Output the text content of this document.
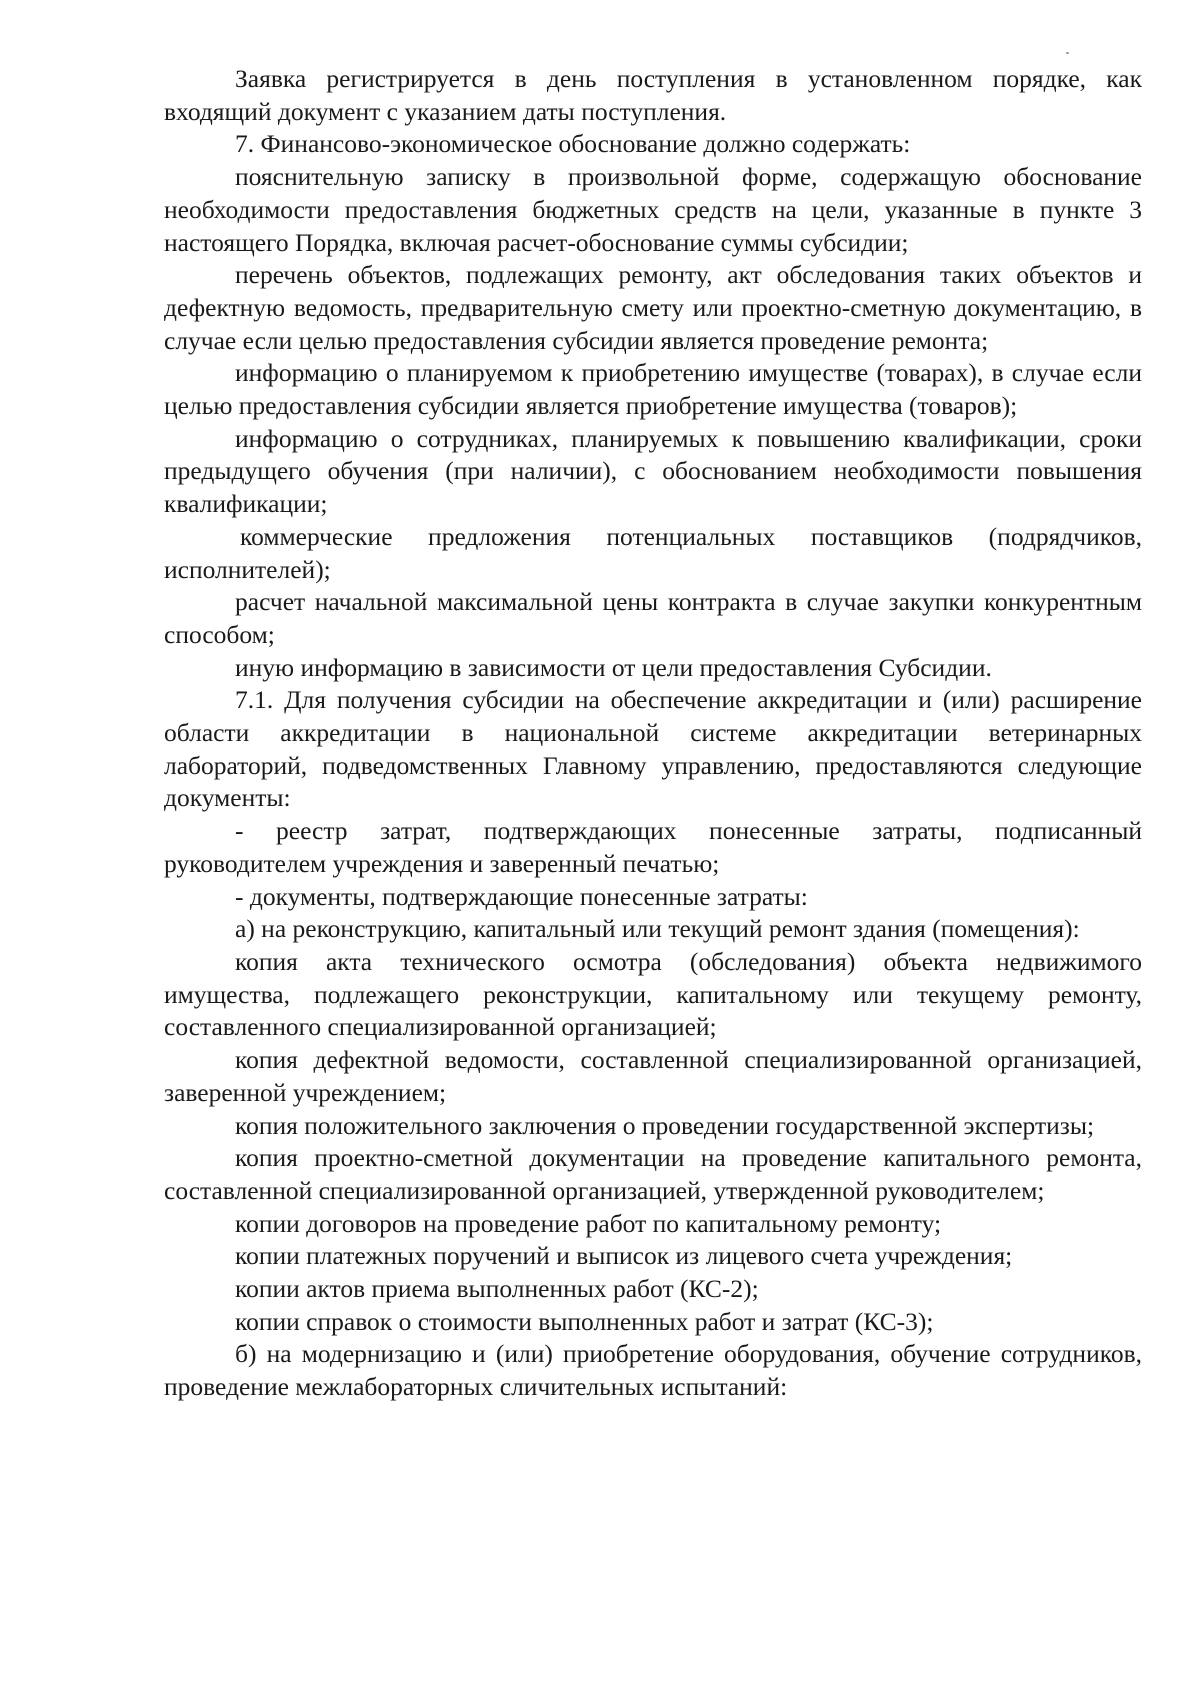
Заявка регистрируется в день поступления в установленном порядке, как входящий документ с указанием даты поступления.

7. Финансово-экономическое обоснование должно содержать:

пояснительную записку в произвольной форме, содержащую обоснование необходимости предоставления бюджетных средств на цели, указанные в пункте 3 настоящего Порядка, включая расчет-обоснование суммы субсидии;

перечень объектов, подлежащих ремонту, акт обследования таких объектов и дефектную ведомость, предварительную смету или проектно-сметную документацию, в случае если целью предоставления субсидии является проведение ремонта;

информацию о планируемом к приобретению имуществе (товарах), в случае если целью предоставления субсидии является приобретение имущества (товаров);

информацию о сотрудниках, планируемых к повышению квалификации, сроки предыдущего обучения (при наличии), с обоснованием необходимости повышения квалификации;

коммерческие предложения потенциальных поставщиков (подрядчиков, исполнителей);

расчет начальной максимальной цены контракта в случае закупки конкурентным способом;

иную информацию в зависимости от цели предоставления Субсидии.

7.1. Для получения субсидии на обеспечение аккредитации и (или) расширение области аккредитации в национальной системе аккредитации ветеринарных лабораторий, подведомственных Главному управлению, предоставляются следующие документы:

- реестр затрат, подтверждающих понесенные затраты, подписанный руководителем учреждения и заверенный печатью;

- документы, подтверждающие понесенные затраты:

а) на реконструкцию, капитальный или текущий ремонт здания (помещения):

копия акта технического осмотра (обследования) объекта недвижимого имущества, подлежащего реконструкции, капитальному или текущему ремонту, составленного специализированной организацией;

копия дефектной ведомости, составленной специализированной организацией, заверенной учреждением;

копия положительного заключения о проведении государственной экспертизы;

копия проектно-сметной документации на проведение капитального ремонта, составленной специализированной организацией, утвержденной руководителем;

копии договоров на проведение работ по капитальному ремонту;

копии платежных поручений и выписок из лицевого счета учреждения;

копии актов приема выполненных работ (КС-2);

копии справок о стоимости выполненных работ и затрат (КС-3);

б) на модернизацию и (или) приобретение оборудования, обучение сотрудников, проведение межлабораторных сличительных испытаний:
